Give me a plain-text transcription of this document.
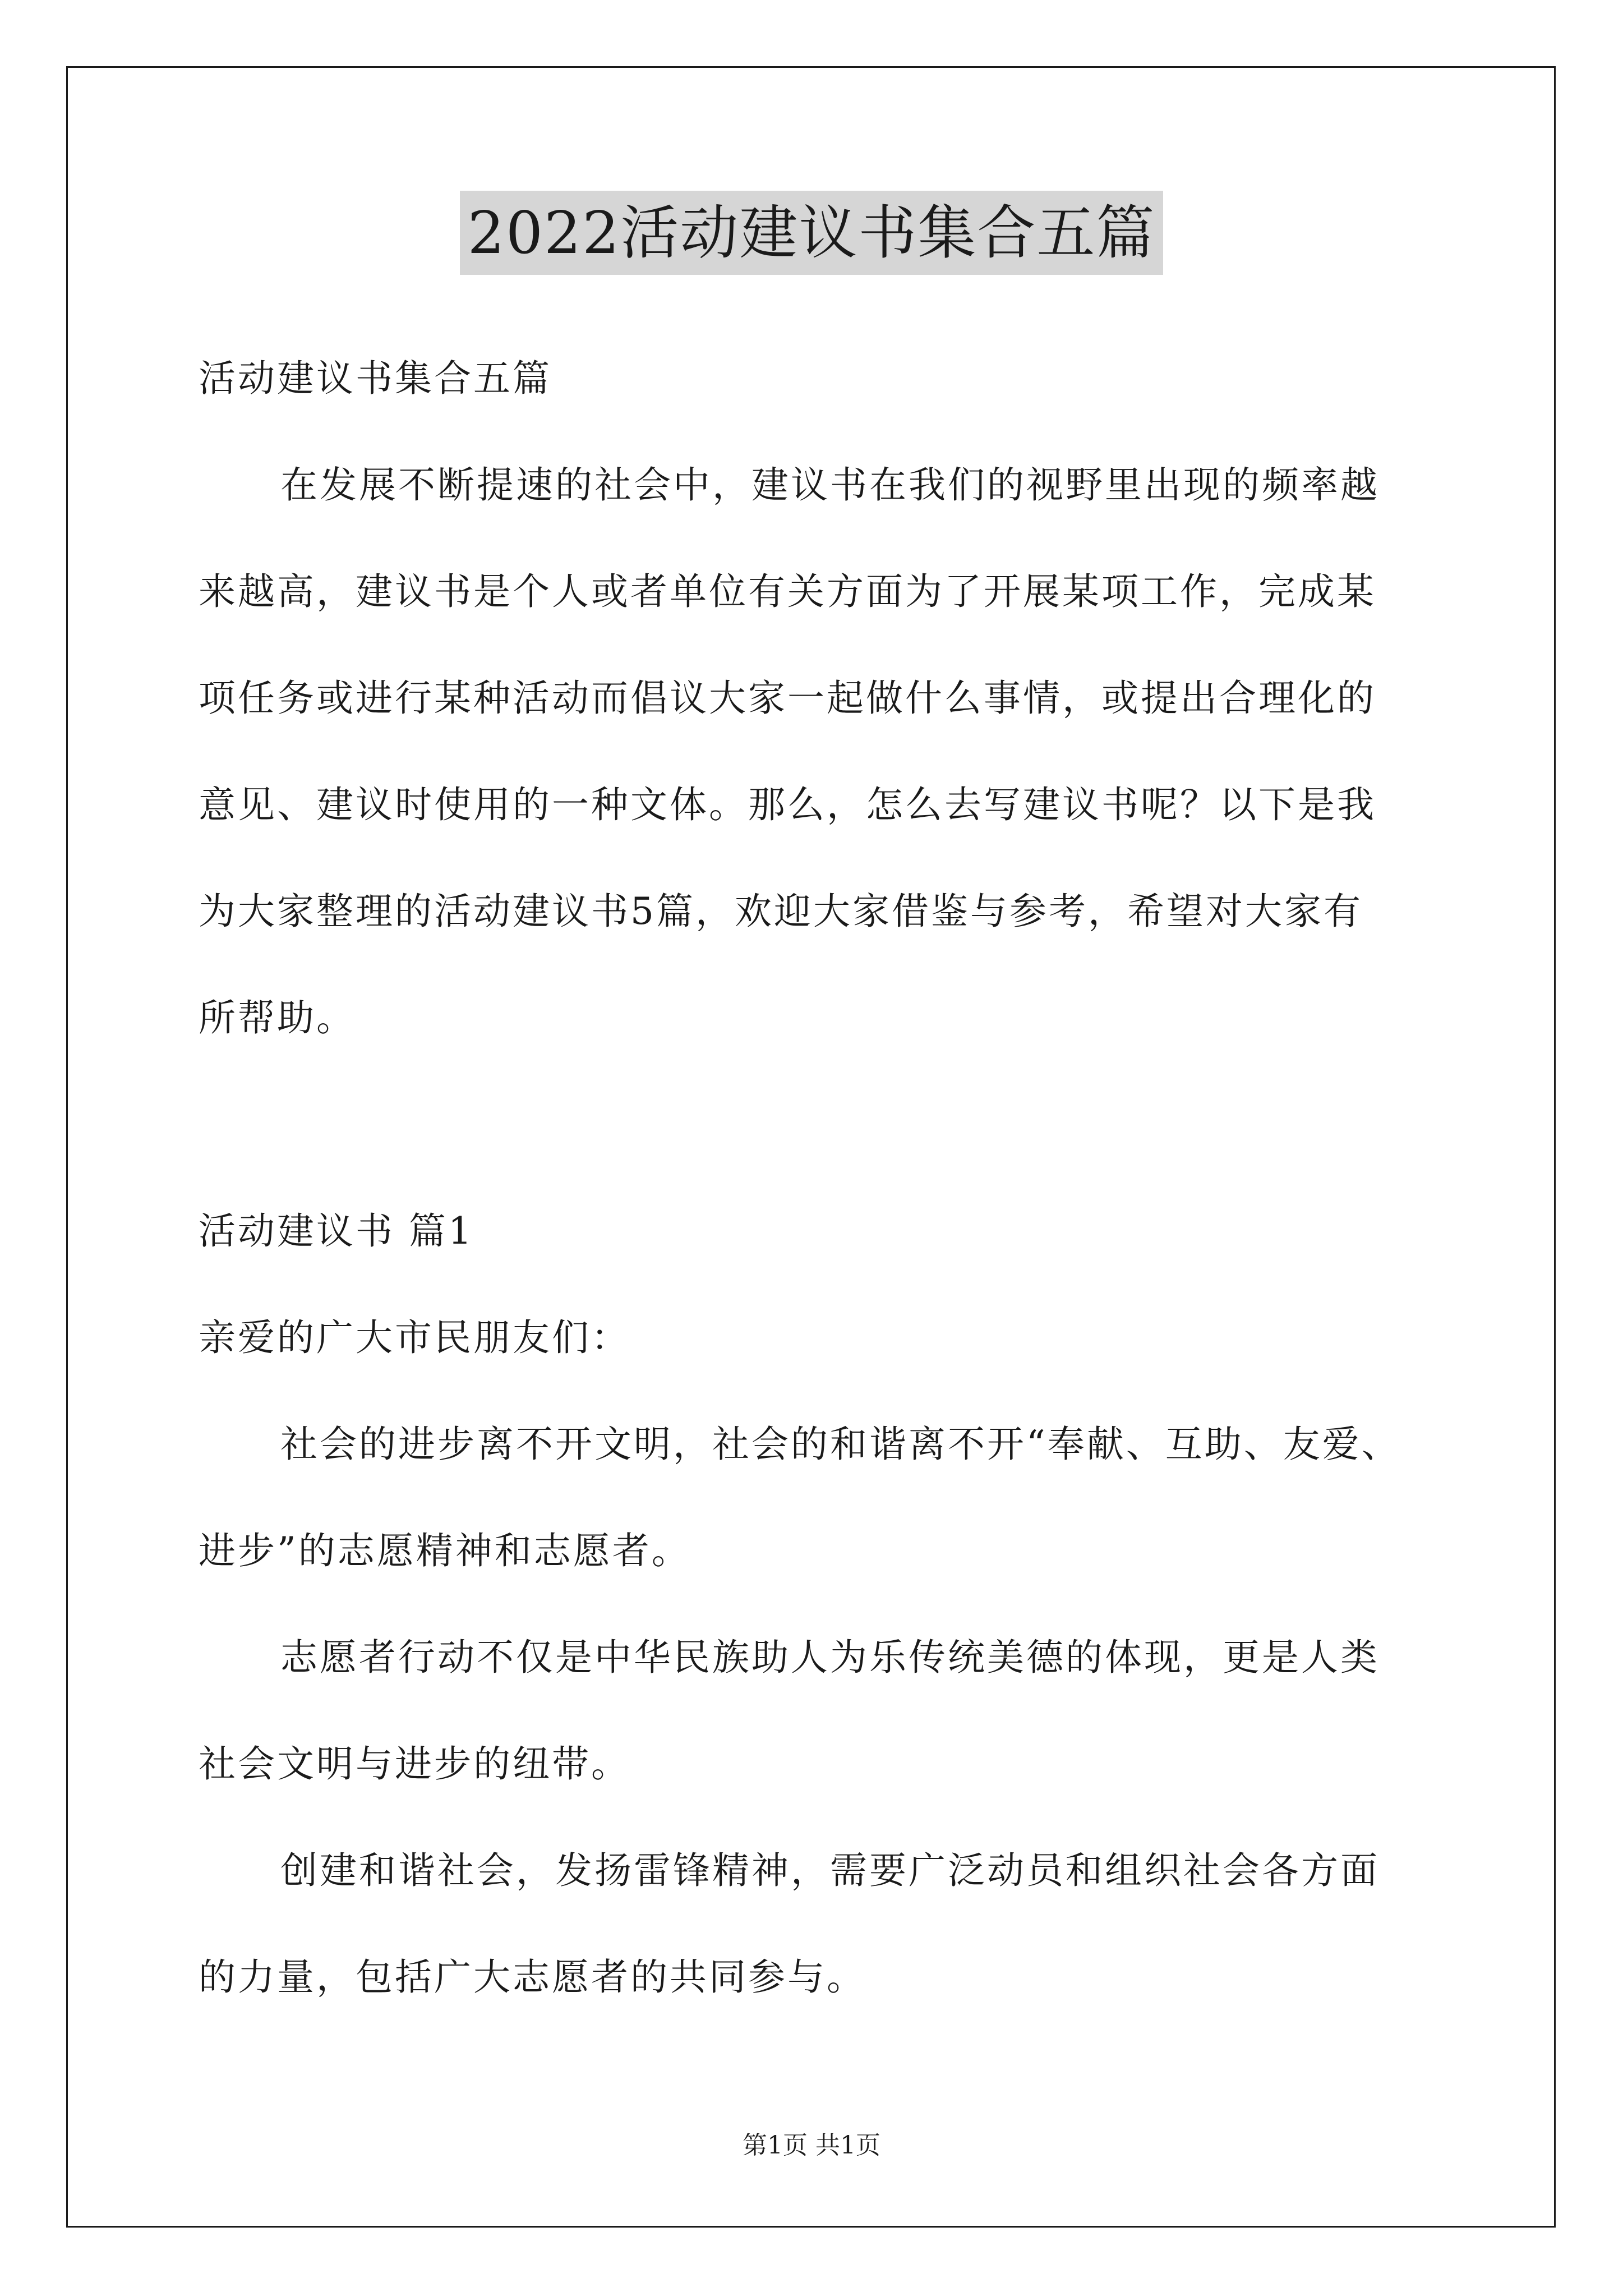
2022活动建议书集合五篇
活动建议书集合五篇
在发展不断提速的社会中，建议书在我们的视野里出现的频率越
来越高，建议书是个人或者单位有关方面为了开展某项工作，完成某
项任务或进行某种活动而倡议大家一起做什么事情，或提出合理化的
意见、建议时使用的一种文体。那么，怎么去写建议书呢？以下是我
为大家整理的活动建议书5篇，欢迎大家借鉴与参考，希望对大家有
所帮助。
活动建议书 篇1
亲爱的广大市民朋友们：
社会的进步离不开文明，社会的和谐离不开“奉献、互助、友爱、
进步”的志愿精神和志愿者。
志愿者行动不仅是中华民族助人为乐传统美德的体现，更是人类
社会文明与进步的纽带。
创建和谐社会，发扬雷锋精神，需要广泛动员和组织社会各方面
的力量，包括广大志愿者的共同参与。
第1页 共1页
